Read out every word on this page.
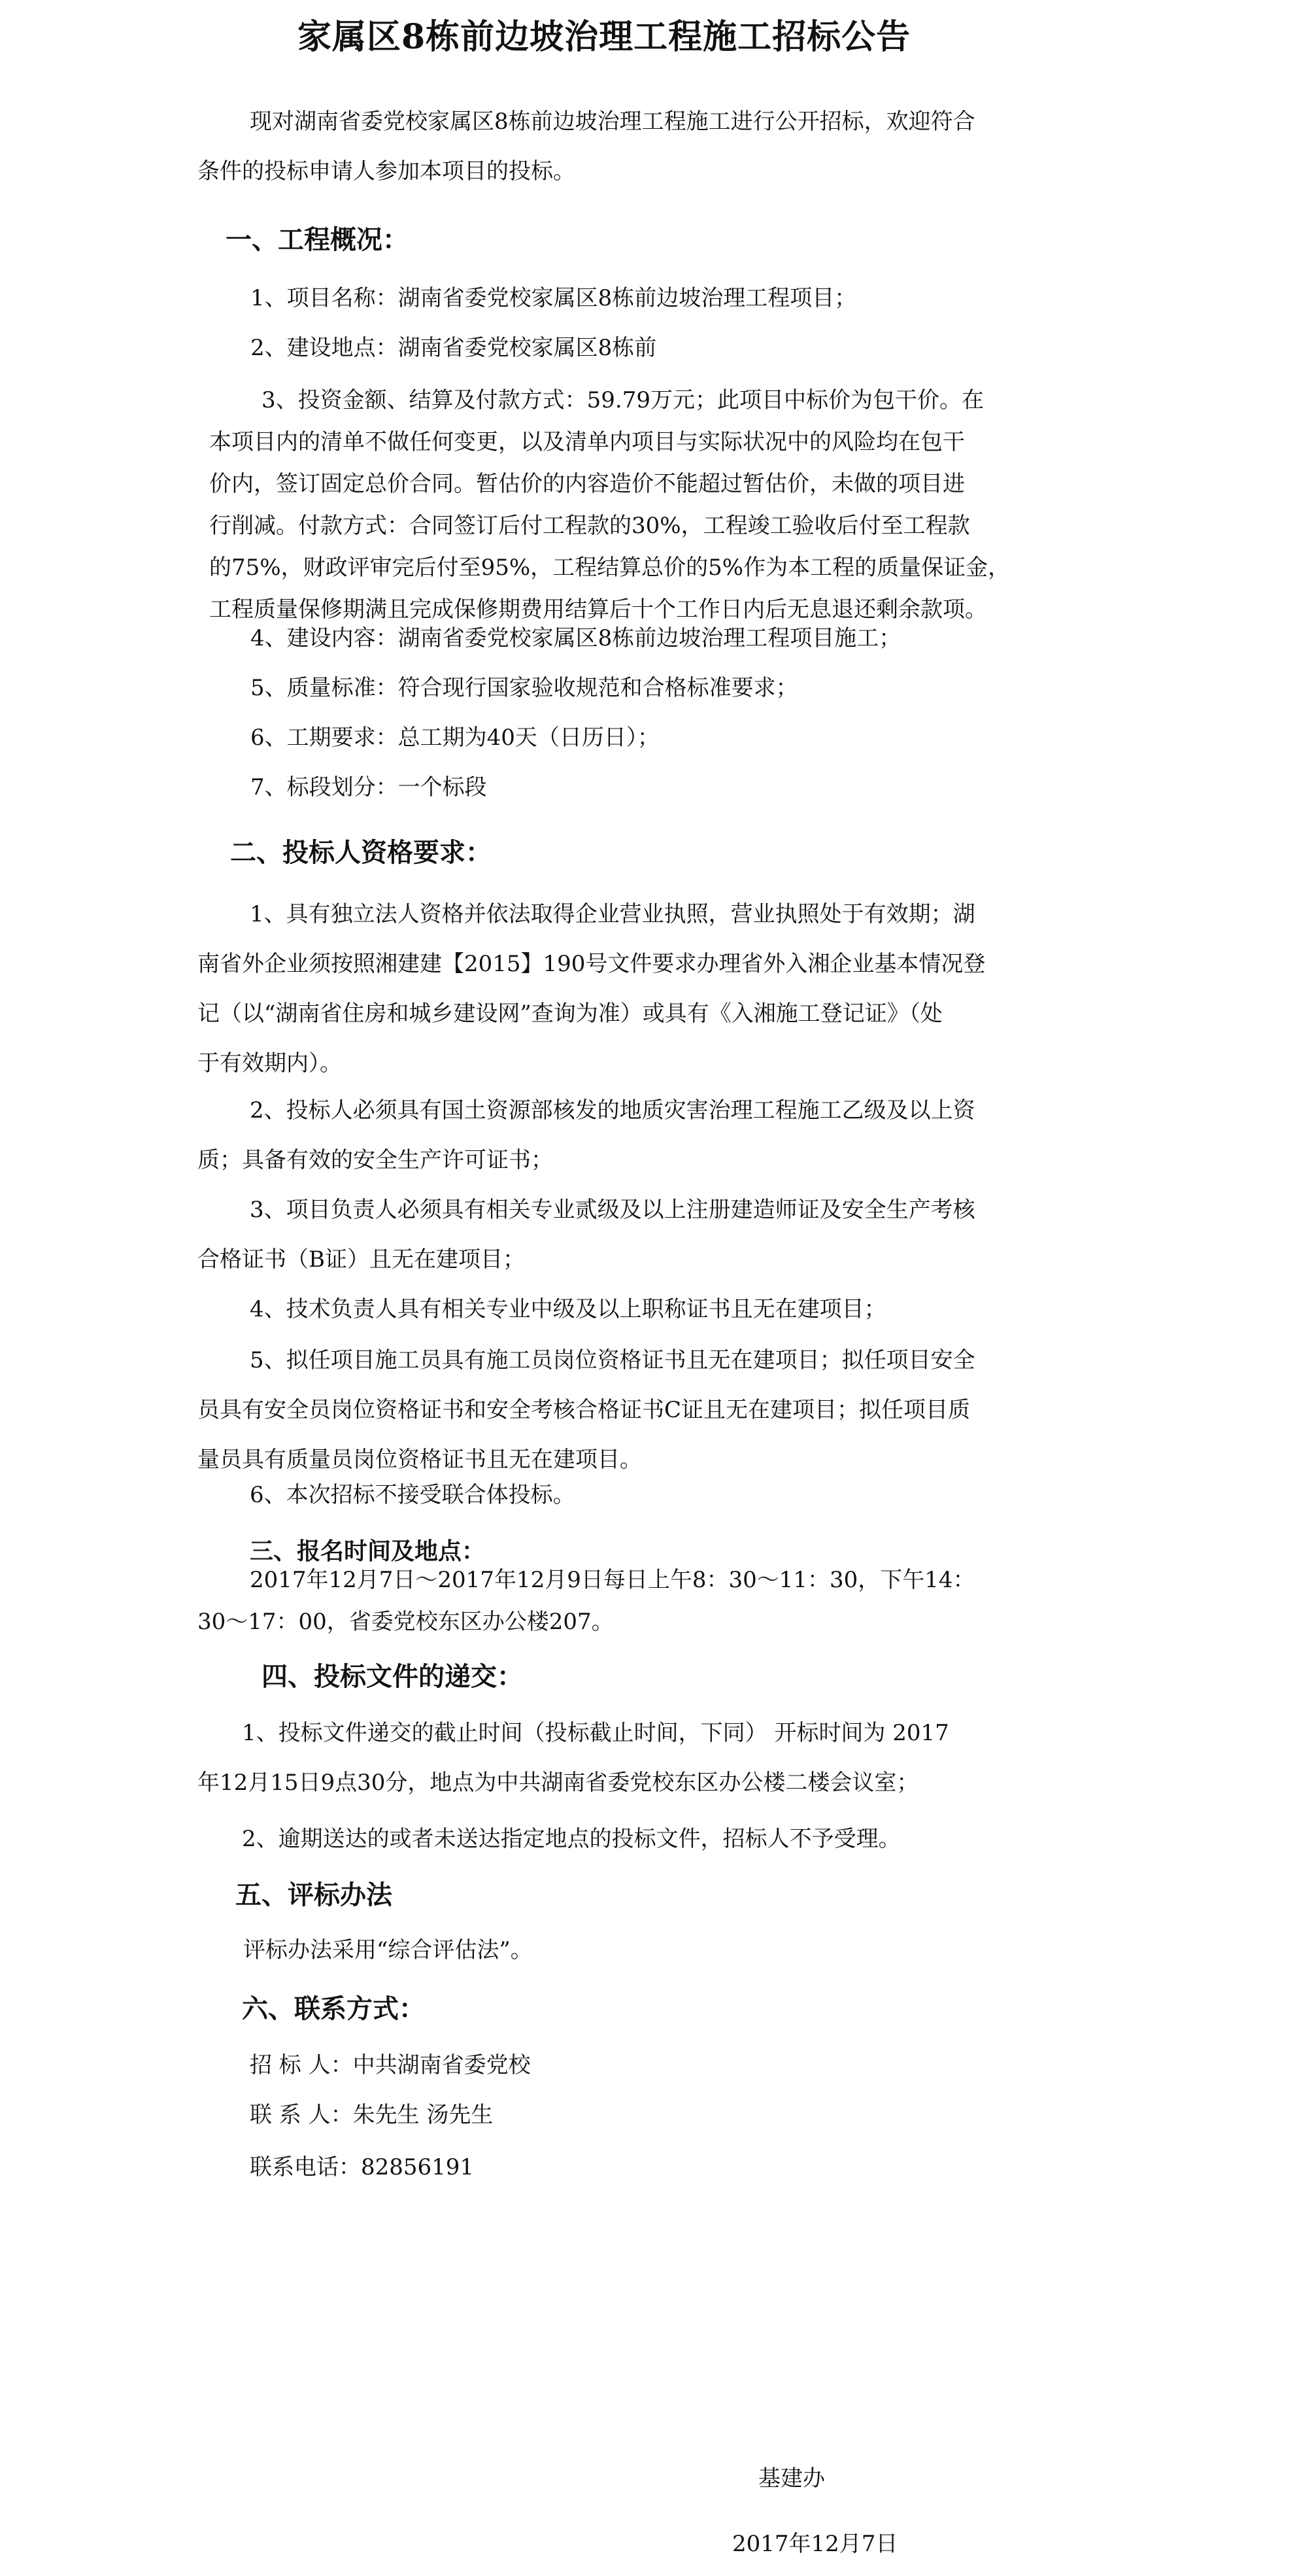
家属区8栋前边坡治理工程施工招标公告
现对湖南省委党校家属区8栋前边坡治理工程施工进行公开招标，欢迎符合
条件的投标申请人参加本项目的投标。
一、工程概况：
1、项目名称：湖南省委党校家属区8栋前边坡治理工程项目；
2、建设地点：湖南省委党校家属区8栋前
3、投资金额、结算及付款方式：59.79万元；此项目中标价为包干价。在
本项目内的清单不做任何变更，以及清单内项目与实际状况中的风险均在包干
价内，签订固定总价合同。暂估价的内容造价不能超过暂估价，未做的项目进
行削减。付款方式：合同签订后付工程款的30%，工程竣工验收后付至工程款
的75%，财政评审完后付至95%，工程结算总价的5%作为本工程的质量保证金，
工程质量保修期满且完成保修期费用结算后十个工作日内后无息退还剩余款项。
4、建设内容：湖南省委党校家属区8栋前边坡治理工程项目施工；
5、质量标准：符合现行国家验收规范和合格标准要求；
6、工期要求：总工期为40天（日历日）；
7、标段划分：一个标段
二、投标人资格要求：
1、具有独立法人资格并依法取得企业营业执照，营业执照处于有效期；湖
南省外企业须按照湘建建【2015】190号文件要求办理省外入湘企业基本情况登
记（以“湖南省住房和城乡建设网”查询为准）或具有《入湘施工登记证》（处
于有效期内）。
2、投标人必须具有国土资源部核发的地质灾害治理工程施工乙级及以上资
质；具备有效的安全生产许可证书；
3、项目负责人必须具有相关专业贰级及以上注册建造师证及安全生产考核
合格证书（B证）且无在建项目；
4、技术负责人具有相关专业中级及以上职称证书且无在建项目；
5、拟任项目施工员具有施工员岗位资格证书且无在建项目；拟任项目安全
员具有安全员岗位资格证书和安全考核合格证书C证且无在建项目；拟任项目质
量员具有质量员岗位资格证书且无在建项目。
6、本次招标不接受联合体投标。
三、报名时间及地点：
2017年12月7日～2017年12月9日每日上午8：30～11：30，下午14：
30～17：00，省委党校东区办公楼207。
四、投标文件的递交：
1、投标文件递交的截止时间（投标截止时间，下同） 开标时间为 2017
年12月15日9点30分，地点为中共湖南省委党校东区办公楼二楼会议室；
2、逾期送达的或者未送达指定地点的投标文件，招标人不予受理。
五、评标办法
评标办法采用“综合评估法”。
六、联系方式：
招 标 人：中共湖南省委党校
联 系 人：朱先生 汤先生
联系电话：82856191
基建办
2017年12月7日
